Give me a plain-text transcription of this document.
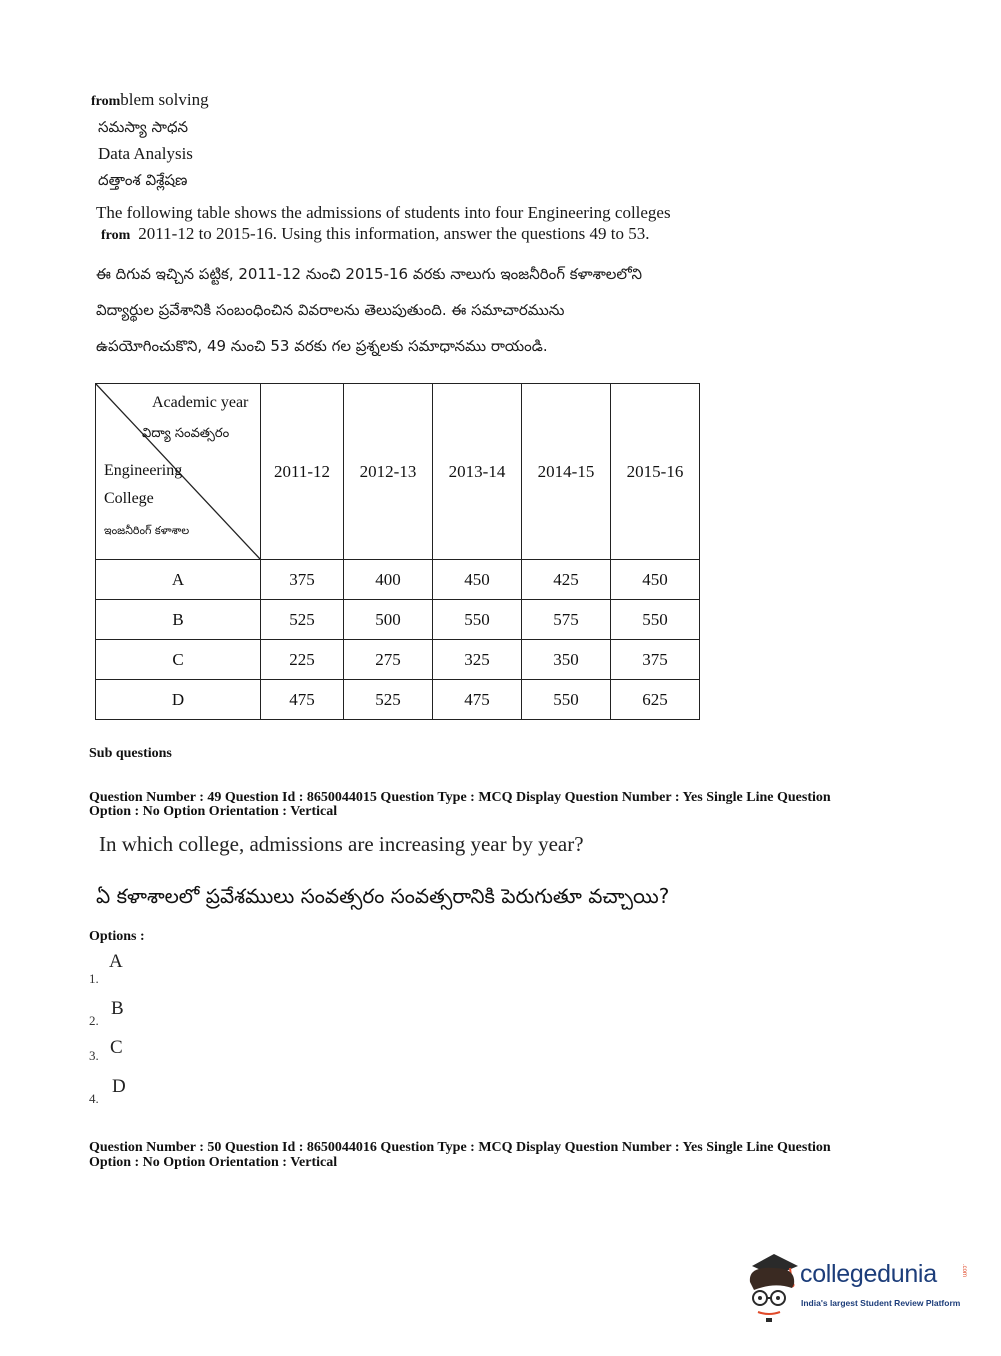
fromblem solving
సమస్యా సాధన
Data Analysis
దత్తాంశ విశ్లేషణ
The following table shows the admissions of students into four Engineering colleges
from 2011-12 to 2015-16. Using this information, answer the questions 49 to 53.
ఈ దిగువ ఇచ్చిన పట్టిక, 2011-12 నుంచి 2015-16 వరకు నాలుగు ఇంజనీరింగ్ కళాశాలలోని
విద్యార్థుల ప్రవేశానికి సంబంధించిన వివరాలను తెలుపుతుంది. ఈ సమాచారమును
ఉపయోగించుకొని, 49 నుంచి 53 వరకు గల ప్రశ్నలకు సమాధానము రాయండి.
Academic year
విద్యా సంవత్సరం
Engineering
College
ఇంజనీరింగ్ కళాశాల	2011-12	2012-13	2013-14	2014-15	2015-16
A	375	400	450	425	450
B	525	500	550	575	550
C	225	275	325	350	375
D	475	525	475	550	625
Sub questions
Question Number : 49 Question Id : 8650044015 Question Type : MCQ Display Question Number : Yes Single Line Question
Option : No Option Orientation : Vertical
In which college, admissions are increasing year by year?
ఏ కళాశాలలో ప్రవేశములు సంవత్సరం సంవత్సరానికి పెరుగుతూ వచ్చాయి?
Options :
A
1.
B
2.
C
3.
D
4.
Question Number : 50 Question Id : 8650044016 Question Type : MCQ Display Question Number : Yes Single Line Question
Option : No Option Orientation : Vertical
collegedunia	.com
India's largest Student Review Platform
